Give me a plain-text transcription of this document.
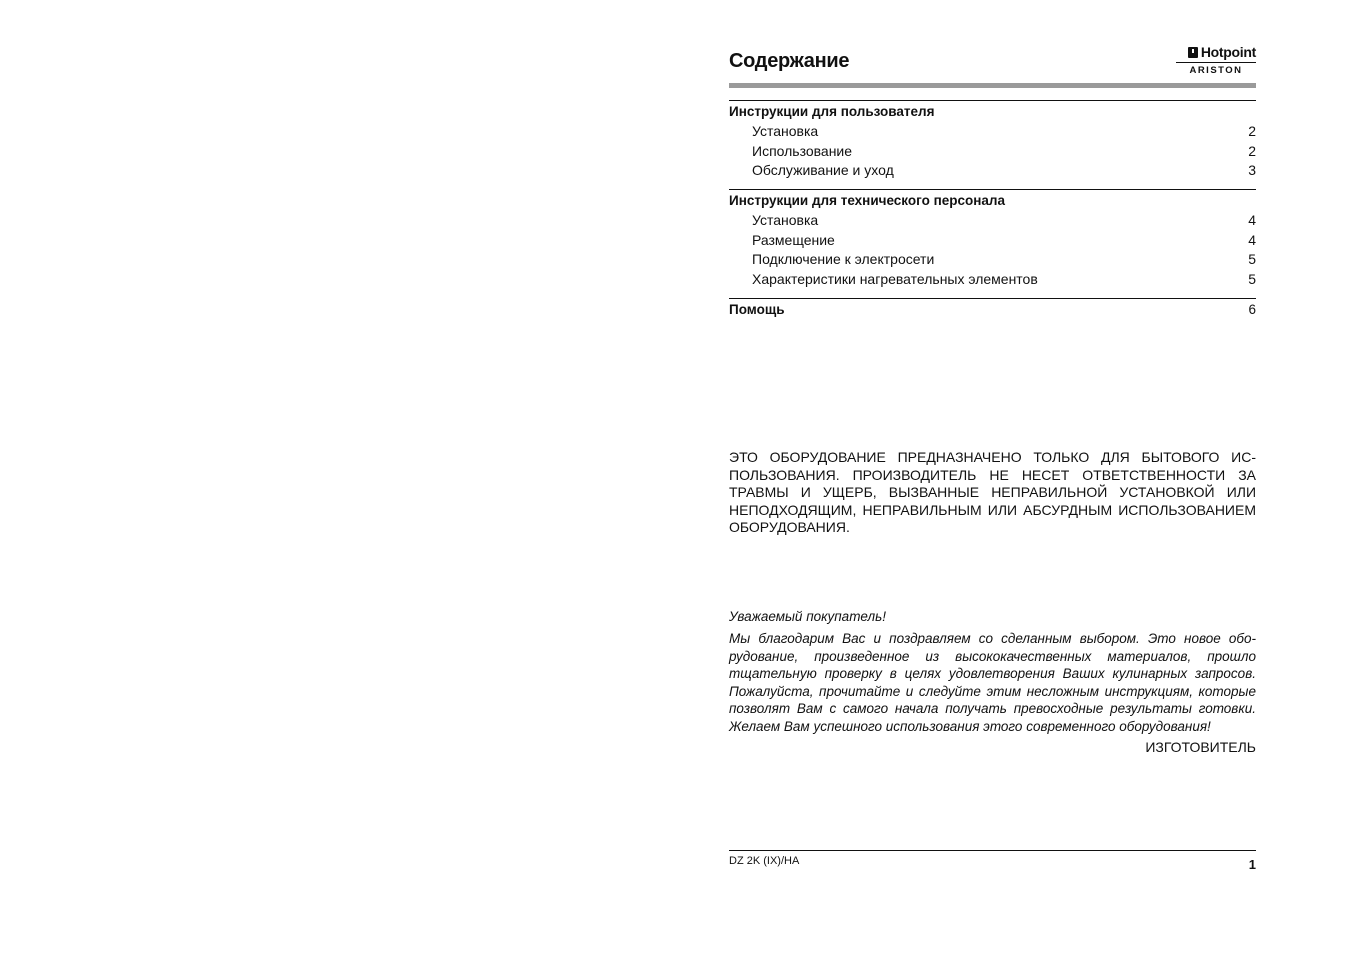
Содержание	Hotpoint
ARISTON
Инструкции для пользователя
Установка	2
Использование	2
Обслуживание и уход	3
Инструкции для технического персонала
Установка	4
Размещение	4
Подключение к электросети	5
Характеристики нагревательных элементов	5
Помощь	6
ЭТО ОБОРУДОВАНИЕ ПРЕДНАЗНАЧЕНО ТОЛЬКО ДЛЯ БЫТОВОГО ИС-ПОЛЬЗОВАНИЯ. ПРОИЗВОДИТЕЛЬ НЕ НЕСЕТ ОТВЕТСТВЕННОСТИ ЗА ТРАВМЫ И УЩЕРБ, ВЫЗВАННЫЕ НЕПРАВИЛЬНОЙ УСТАНОВКОЙ ИЛИ НЕПОДХОДЯЩИМ, НЕПРАВИЛЬНЫМ ИЛИ АБСУРДНЫМ ИСПОЛЬЗОВАНИЕМ ОБОРУДОВАНИЯ.
Уважаемый покупатель!
Мы благодарим Вас и поздравляем со сделанным выбором. Это новое обо-рудование, произведенное из высококачественных материалов, прошло тщательную проверку в целях удовлетворения Ваших кулинарных запросов. Пожалуйста, прочитайте и следуйте этим несложным инструкциям, которые позволят Вам с самого начала получать превосходные результаты готовки. Желаем Вам успешного использования этого современного оборудования!
ИЗГОТОВИТЕЛЬ
DZ 2K (IX)/HA	1
